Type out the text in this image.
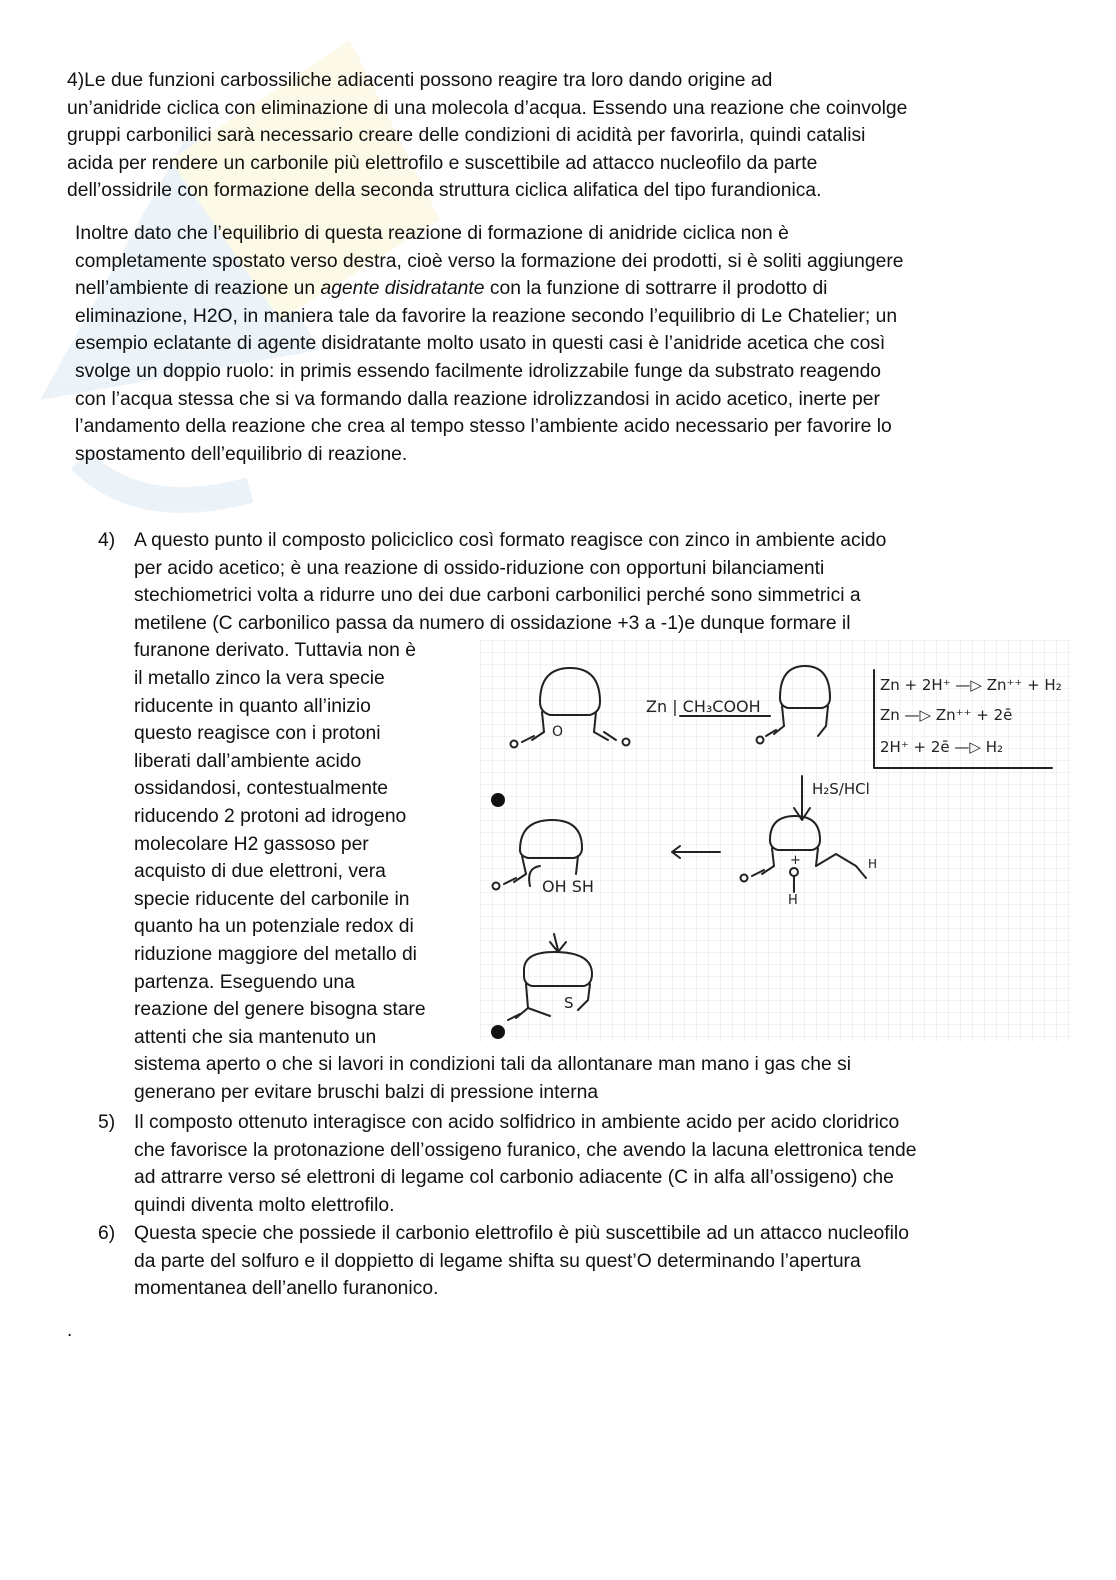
4)Le due funzioni carbossiliche adiacenti possono reagire tra loro dando origine ad
un’anidride ciclica con eliminazione di una molecola d’acqua. Essendo una reazione che coinvolge
gruppi carbonilici sarà necessario creare delle condizioni di acidità per favorirla, quindi catalisi
acida per rendere un carbonile più elettrofilo e suscettibile ad attacco nucleofilo da parte
dell’ossidrile con formazione della seconda struttura ciclica alifatica del tipo furandionica.
Inoltre dato che l’equilibrio di questa reazione di formazione di anidride ciclica non è
completamente spostato verso destra, cioè verso la formazione dei prodotti, si è soliti aggiungere
nell’ambiente di reazione un agente disidratante con la funzione di sottrarre il prodotto di
eliminazione, H2O, in maniera tale da favorire la reazione secondo l’equilibrio di Le Chatelier; un
esempio eclatante di agente disidratante molto usato in questi casi è l’anidride acetica che così
svolge un doppio ruolo: in primis essendo facilmente idrolizzabile funge da substrato reagendo
con l’acqua stessa che si va formando dalla reazione idrolizzandosi in acido acetico, inerte per
l’andamento della reazione che crea al tempo stesso l’ambiente acido necessario per favorire lo
spostamento dell’equilibrio di reazione.
4) A questo punto il composto policiclico così formato reagisce con zinco in ambiente acido
per acido acetico; è una reazione di ossido-riduzione con opportuni bilanciamenti
stechiometrici volta a ridurre uno dei due carboni carbonilici perché sono simmetrici a
metilene (C carbonilico passa da numero di ossidazione +3 a -1)e dunque formare il
furanone derivato. Tuttavia non è
il metallo zinco la vera specie
riducente in quanto all’inizio
questo reagisce con i protoni
liberati dall’ambiente acido
ossidandosi, contestualmente
riducendo 2 protoni ad idrogeno
molecolare H2 gassoso per
acquisto di due elettroni, vera
specie riducente del carbonile in
quanto ha un potenziale redox di
riduzione maggiore del metallo di
partenza. Eseguendo una
reazione del genere bisogna stare
attenti che sia mantenuto un
sistema aperto o che si lavori in condizioni tali da allontanare man mano i gas che si
generano per evitare bruschi balzi di pressione interna
5) Il composto ottenuto interagisce con acido solfidrico in ambiente acido per acido cloridrico
che favorisce la protonazione dell’ossigeno furanico, che avendo la lacuna elettronica tende
ad attrarre verso sé elettroni di legame col carbonio adiacente (C in alfa all’ossigeno) che
quindi diventa molto elettrofilo.
6) Questa specie che possiede il carbonio elettrofilo è più suscettibile ad un attacco nucleofilo
da parte del solfuro e il doppietto di legame shifta su quest’O determinando l’apertura
momentanea dell’anello furanonico.
.
Zn | CH₃COOH
Zn + 2H⁺ —▷ Zn⁺⁺ + H₂
Zn —▷ Zn⁺⁺ + 2ē
2H⁺ + 2ē —▷ H₂
H₂S/HCl
OH SH
S
H
+	H
O
